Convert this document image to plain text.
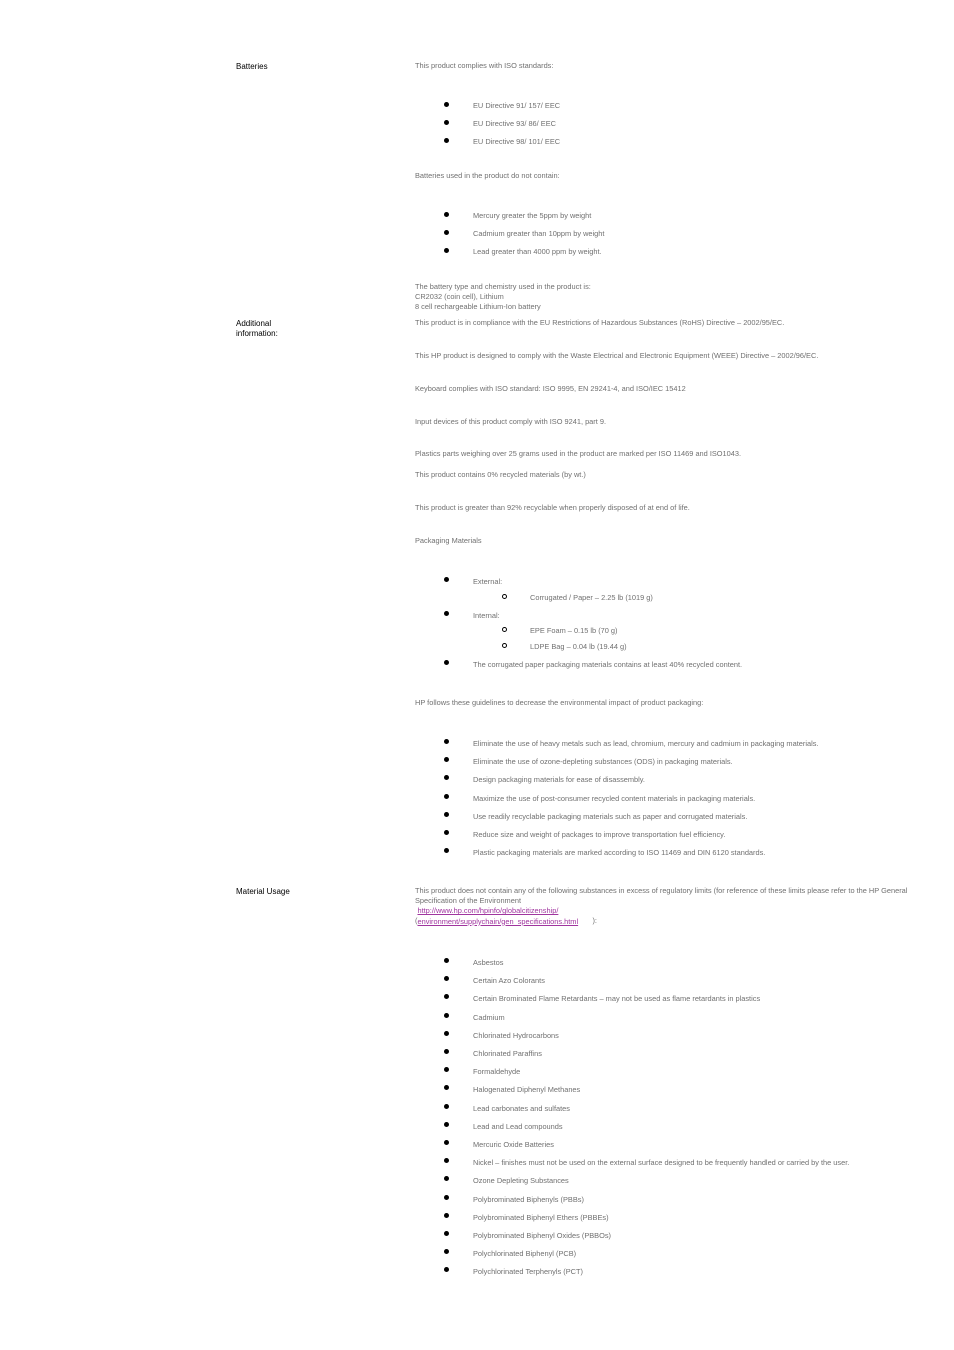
Batteries	This product complies with ISO standards:
EU Directive 91/ 157/ EEC
EU Directive 93/ 86/ EEC
EU Directive 98/ 101/ EEC
Batteries used in the product do not contain:
Mercury greater the 5ppm by weight
Cadmium greater than 10ppm by weight
Lead greater than 4000 ppm by weight.
The battery type and chemistry used in the product is:
CR2032 (coin cell), Lithium
8 cell rechargeable Lithium-Ion battery
Additional
information:
This product is in compliance with the EU Restrictions of Hazardous Substances (RoHS) Directive – 2002/95/EC.
This HP product is designed to comply with the Waste Electrical and Electronic Equipment (WEEE) Directive – 2002/96/EC.
Keyboard complies with ISO standard: ISO 9995, EN 29241-4, and ISO/IEC 15412
Input devices of this product comply with ISO 9241, part 9.
Plastics parts weighing over 25 grams used in the product are marked per ISO 11469 and ISO1043.
This product contains 0% recycled materials (by wt.)
This product is greater than 92% recyclable when properly disposed of at end of life.
Packaging Materials
External:
Corrugated / Paper – 2.25 lb (1019 g)
Internal:
EPE Foam – 0.15 lb (70 g)
LDPE Bag – 0.04 lb (19.44 g)
The corrugated paper packaging materials contains at least 40% recycled content.
HP follows these guidelines to decrease the environmental impact of product packaging:
Eliminate the use of heavy metals such as lead, chromium, mercury and cadmium in packaging materials.
Eliminate the use of ozone-depleting substances (ODS) in packaging materials.
Design packaging materials for ease of disassembly.
Maximize the use of post-consumer recycled content materials in packaging materials.
Use readily recyclable packaging materials such as paper and corrugated materials.
Reduce size and weight of packages to improve transportation fuel efficiency.
Plastic packaging materials are marked according to ISO 11469 and DIN 6120 standards.
Material Usage	This product does not contain any of the following substances in excess of regulatory limits (for reference of these limits please refer to the HP General Specification of the Environment
(http://www.hp.com/hpinfo/globalcitizenship/ environment/supplychain/gen_specifications.html ):
Asbestos
Certain Azo Colorants
Certain Brominated Flame Retardants – may not be used as flame retardants in plastics
Cadmium
Chlorinated Hydrocarbons
Chlorinated Paraffins
Formaldehyde
Halogenated Diphenyl Methanes
Lead carbonates and sulfates
Lead and Lead compounds
Mercuric Oxide Batteries
Nickel – finishes must not be used on the external surface designed to be frequently handled or carried by the user.
Ozone Depleting Substances
Polybrominated Biphenyls (PBBs)
Polybrominated Biphenyl Ethers (PBBEs)
Polybrominated Biphenyl Oxides (PBBOs)
Polychlorinated Biphenyl (PCB)
Polychlorinated Terphenyls (PCT)
